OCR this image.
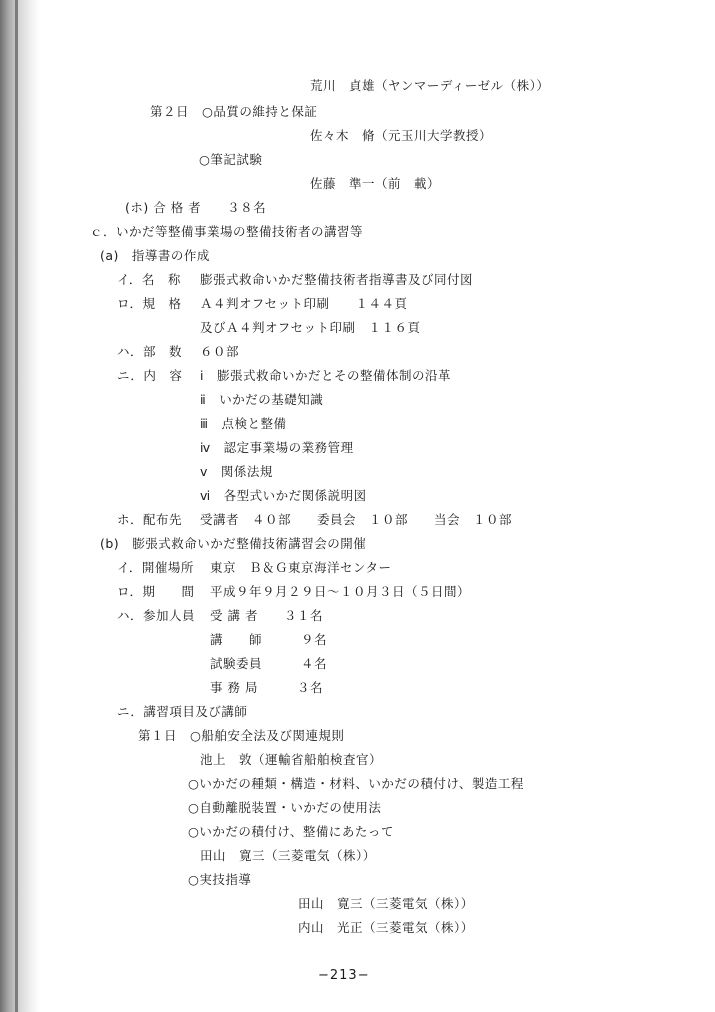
荒川　貞雄（ヤンマーディーゼル（株））
第２日　○品質の維持と保証
佐々木　脩（元玉川大学教授）
○筆記試験
佐藤　準一（前　載）
(ホ) 合 格 者　　３８名
ｃ．いかだ等整備事業場の整備技術者の講習等
(a)　指導書の作成
イ．名　称 膨張式救命いかだ整備技術者指導書及び同付図
ロ．規　格 Ａ４判オフセット印刷　　１４４頁
及びＡ４判オフセット印刷　１１６頁
ハ．部　数 ６０部
ニ．内　容 ⅰ　膨張式救命いかだとその整備体制の沿革
ⅱ　いかだの基礎知識
ⅲ　点検と整備
ⅳ　認定事業場の業務管理
ⅴ　関係法規
ⅵ　各型式いかだ関係説明図
ホ．配布先 受講者　４０部　　委員会　１０部　　当会　１０部
(b)　膨張式救命いかだ整備技術講習会の開催
イ．開催場所 東京　Ｂ＆Ｇ東京海洋センター
ロ．期　　間 平成９年９月２９日～１０月３日（５日間）
ハ．参加人員 受 講 者　　３１名
講　　師　　　９名
試験委員　　　４名
事 務 局　　　３名
ニ．講習項目及び講師
第１日　○船舶安全法及び関連規則
池上　敦（運輸省船舶検査官）
○いかだの種類・構造・材料、いかだの積付け、製造工程
○自動離脱装置・いかだの使用法
○いかだの積付け、整備にあたって
田山　寛三（三菱電気（株））
○実技指導
田山　寛三（三菱電気（株））
内山　光正（三菱電気（株））
−213−
